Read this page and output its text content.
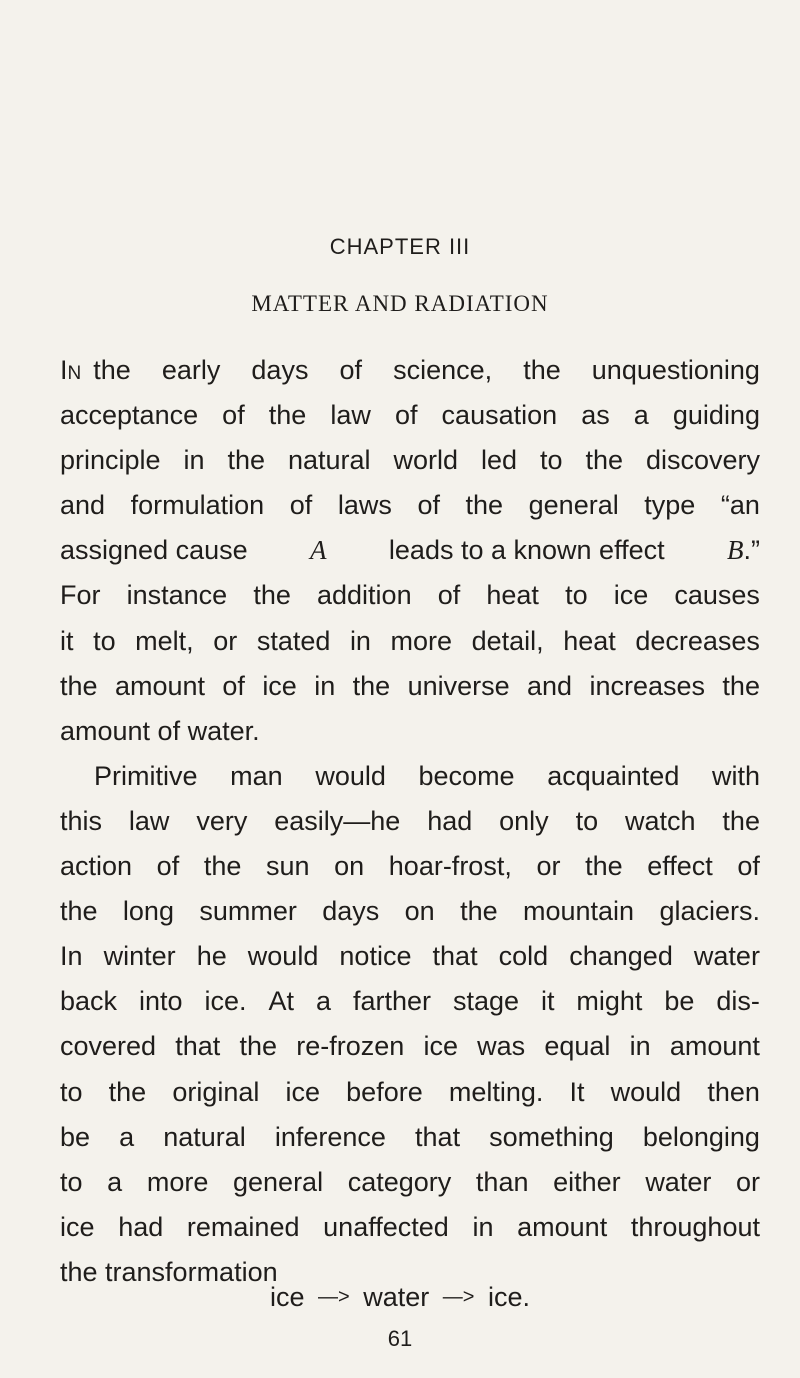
CHAPTER III
MATTER AND RADIATION
In the early days of science, the unquestioning
acceptance of the law of causation as a guiding
principle in the natural world led to the discovery
and formulation of laws of the general type “an
assigned cause A leads to a known effect B.”
For instance the addition of heat to ice causes
it to melt, or stated in more detail, heat decreases
the amount of ice in the universe and increases the
amount of water.
Primitive man would become acquainted with
this law very easily—he had only to watch the
action of the sun on hoar-frost, or the effect of
the long summer days on the mountain glaciers.
In winter he would notice that cold changed water
back into ice. At a farther stage it might be dis-
covered that the re-frozen ice was equal in amount
to the original ice before melting. It would then
be a natural inference that something belonging
to a more general category than either water or
ice had remained unaffected in amount throughout
the transformation
ice —> water —> ice.
61
